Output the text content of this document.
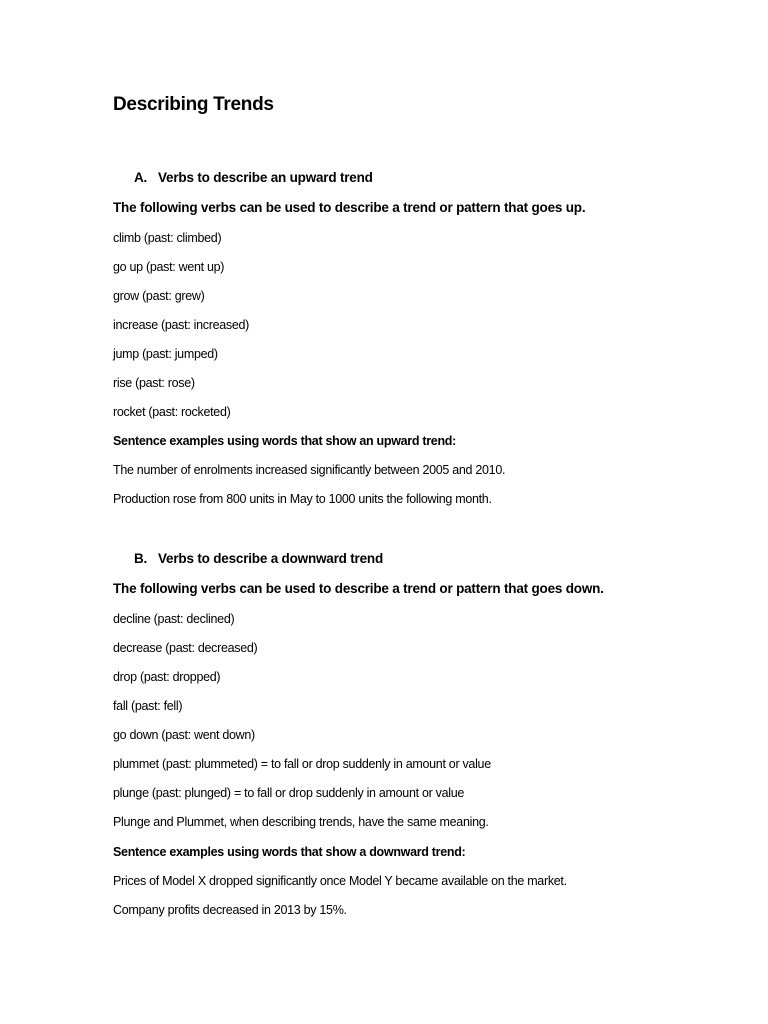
Describing Trends
A. Verbs to describe an upward trend

The following verbs can be used to describe a trend or pattern that goes up.

climb (past: climbed)

go up (past: went up)

grow (past: grew)

increase (past: increased)

jump (past: jumped)

rise (past: rose)

rocket (past: rocketed)

Sentence examples using words that show an upward trend:

The number of enrolments increased significantly between 2005 and 2010.

Production rose from 800 units in May to 1000 units the following month.

B. Verbs to describe a downward trend

The following verbs can be used to describe a trend or pattern that goes down.

decline (past: declined)

decrease (past: decreased)

drop (past: dropped)

fall (past: fell)

go down (past: went down)

plummet (past: plummeted) = to fall or drop suddenly in amount or value

plunge (past: plunged) = to fall or drop suddenly in amount or value

Plunge and Plummet, when describing trends, have the same meaning.

Sentence examples using words that show a downward trend:

Prices of Model X dropped significantly once Model Y became available on the market.

Company profits decreased in 2013 by 15%.
